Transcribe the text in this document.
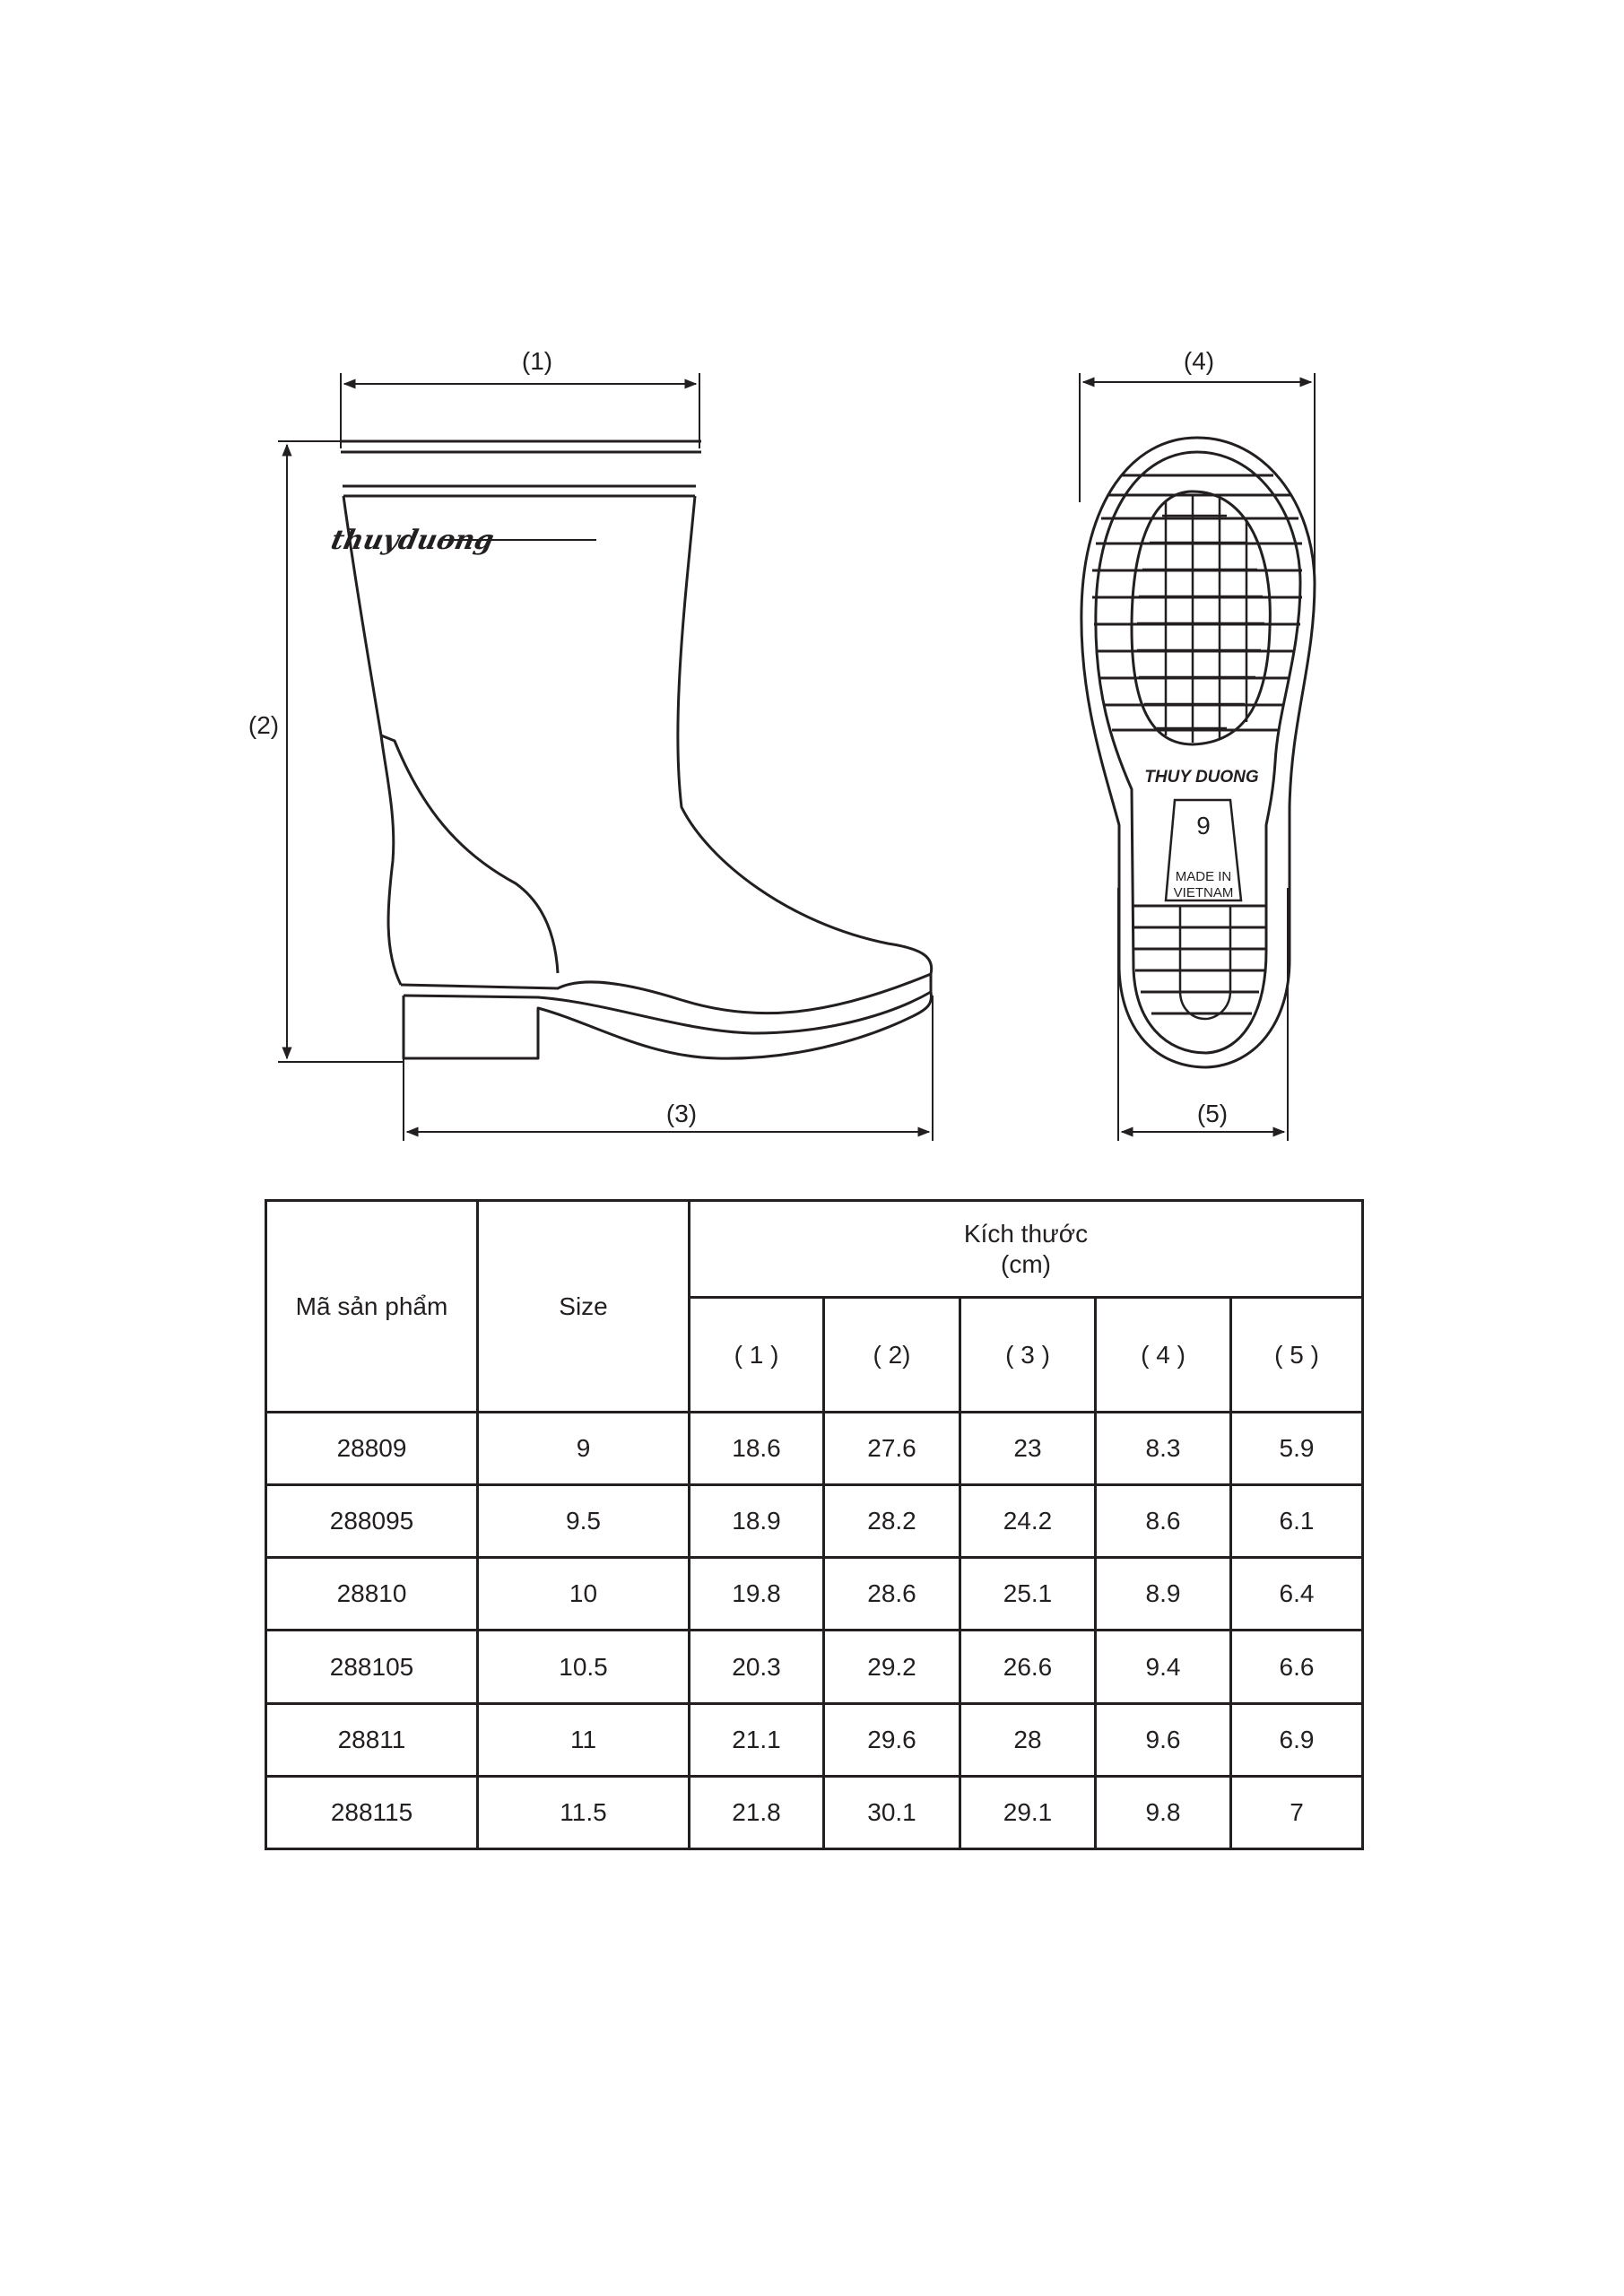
(1)
(2)
(3)
thuyduong
(4)
(5)
THUY DUONG
9
MADE IN
VIETNAM
Mã sản phẩm	Size	Kích thước
(cm)				

		( 1 )	( 2)	( 3 )	( 4 )	( 5 )
28809	9	18.6	27.6	23	8.3	5.9
288095	9.5	18.9	28.2	24.2	8.6	6.1
28810	10	19.8	28.6	25.1	8.9	6.4
288105	10.5	20.3	29.2	26.6	9.4	6.6
28811	11	21.1	29.6	28	9.6	6.9
288115	11.5	21.8	30.1	29.1	9.8	7
